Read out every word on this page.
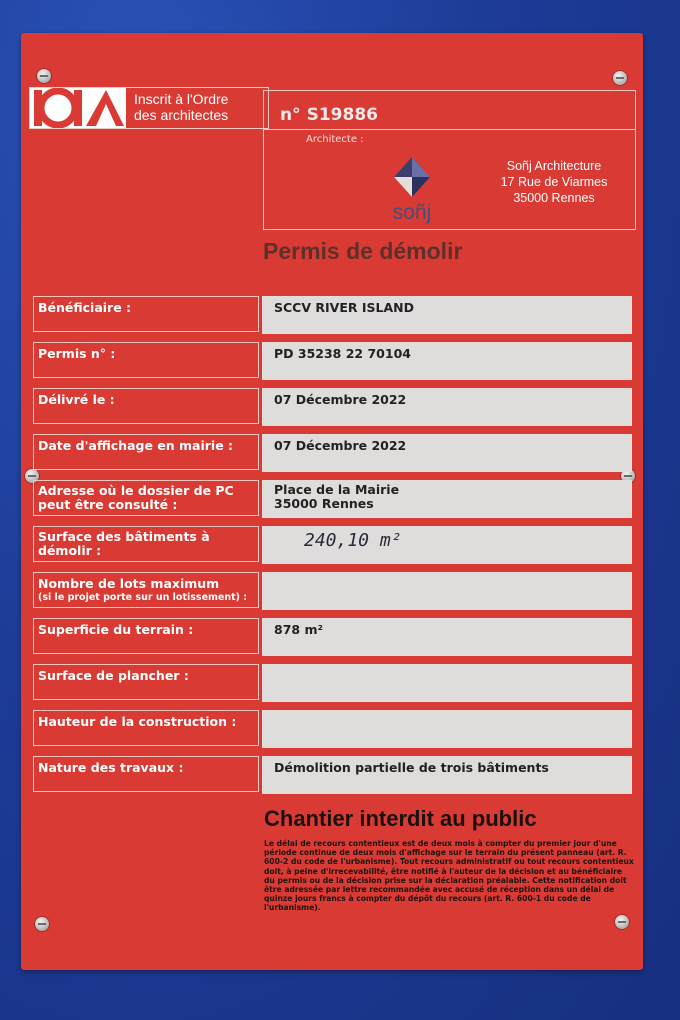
Inscrit à l'Ordre
des architectes	n° S19886
Architecte :
soñj
Soñj Architecture
17 Rue de Viarmes
35000 Rennes
Permis de démolir
Bénéficiaire :	SCCV RIVER ISLAND
Permis n° :	PD 35238 22 70104
Délivré le :	07 Décembre 2022
Date d'affichage en mairie :	07 Décembre 2022
Adresse où le dossier de PC peut être consulté :
Place de la Mairie
35000 Rennes
Surface des bâtiments à démolir :	240,10 m²
Nombre de lots maximum
(si le projet porte sur un lotissement) :
Superficie du terrain :	878 m²
Surface de plancher :
Hauteur de la construction :
Nature des travaux :	Démolition partielle de trois bâtiments
Chantier interdit au public
Le délai de recours contentieux est de deux mois à compter du premier jour d'une période continue de deux mois d'affichage sur le terrain du présent panneau (art. R. 600-2 du code de l'urbanisme). Tout recours administratif ou tout recours contentieux doit, à peine d'irrecevabilité, être notifié à l'auteur de la décision et au bénéficiaire du permis ou de la décision prise sur la déclaration préalable. Cette notification doit être adressée par lettre recommandée avec accusé de réception dans un délai de quinze jours francs à compter du dépôt du recours (art. R. 600-1 du code de l'urbanisme).
